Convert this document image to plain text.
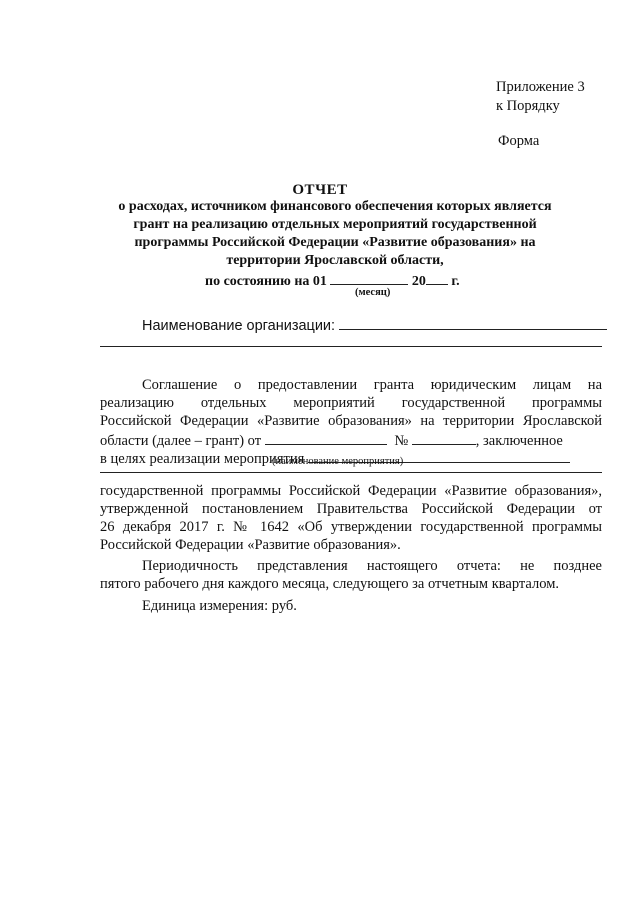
Приложение 3
к Порядку
Форма
ОТЧЕТ
о расходах, источником финансового обеспечения которых является грант на реализацию отдельных мероприятий государственной программы Российской Федерации «Развитие образования» на территории Ярославской области,
по состоянию на 01	20 г.
(месяц)
Наименование организации:
Соглашение о предоставлении гранта юридическим лицам на
реализацию отдельных мероприятий государственной программы
Российской Федерации «Развитие образования» на территории Ярославской
области (далее – грант) от	№	, заключенное
в целях реализации мероприятия
(наименование мероприятия)
государственной программы Российской Федерации «Развитие образования»,
утвержденной постановлением Правительства Российской Федерации от
26 декабря 2017 г. № 1642 «Об утверждении государственной программы
Российской Федерации «Развитие образования».
Периодичность представления настоящего отчета: не позднее
пятого рабочего дня каждого месяца, следующего за отчетным кварталом.
Единица измерения: руб.
